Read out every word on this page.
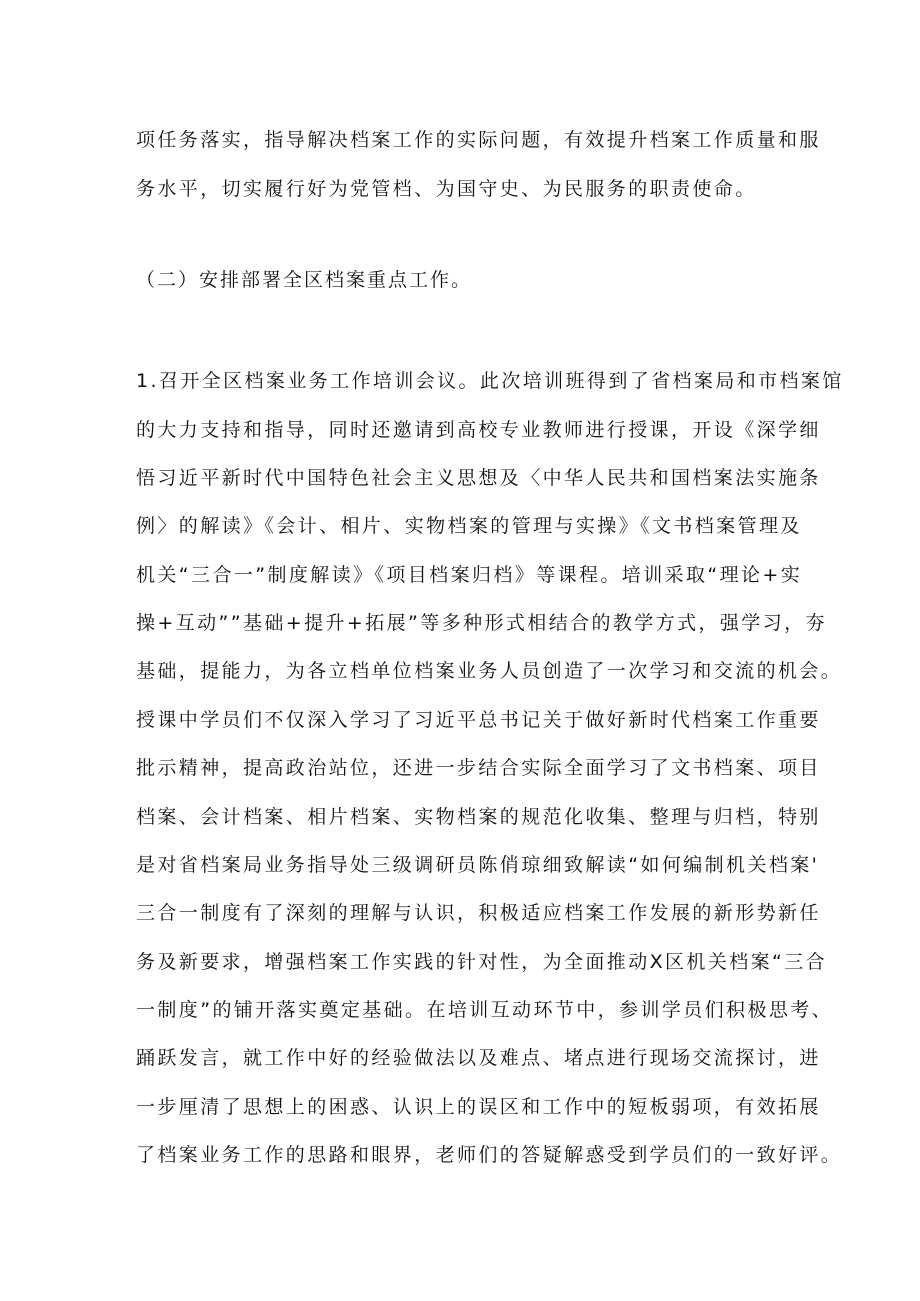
项任务落实，指导解决档案工作的实际问题，有效提升档案工作质量和服
务水平，切实履行好为党管档、为国守史、为民服务的职责使命。
（二）安排部署全区档案重点工作。
1.召开全区档案业务工作培训会议。此次培训班得到了省档案局和市档案馆
的大力支持和指导，同时还邀请到高校专业教师进行授课，开设《深学细
悟习近平新时代中国特色社会主义思想及〈中华人民共和国档案法实施条
例〉的解读》《会计、相片、实物档案的管理与实操》《文书档案管理及
机关“三合一”制度解读》《项目档案归档》等课程。培训采取“理论+实
操+互动””基础+提升+拓展”等多种形式相结合的教学方式，强学习，夯
基础，提能力，为各立档单位档案业务人员创造了一次学习和交流的机会。
授课中学员们不仅深入学习了习近平总书记关于做好新时代档案工作重要
批示精神，提高政治站位，还进一步结合实际全面学习了文书档案、项目
档案、会计档案、相片档案、实物档案的规范化收集、整理与归档，特别
是对省档案局业务指导处三级调研员陈俏琼细致解读“如何编制机关档案'
三合一制度有了深刻的理解与认识，积极适应档案工作发展的新形势新任
务及新要求，增强档案工作实践的针对性，为全面推动X区机关档案“三合
一制度”的铺开落实奠定基础。在培训互动环节中，参训学员们积极思考、
踊跃发言，就工作中好的经验做法以及难点、堵点进行现场交流探讨，进
一步厘清了思想上的困惑、认识上的误区和工作中的短板弱项，有效拓展
了档案业务工作的思路和眼界，老师们的答疑解惑受到学员们的一致好评。
